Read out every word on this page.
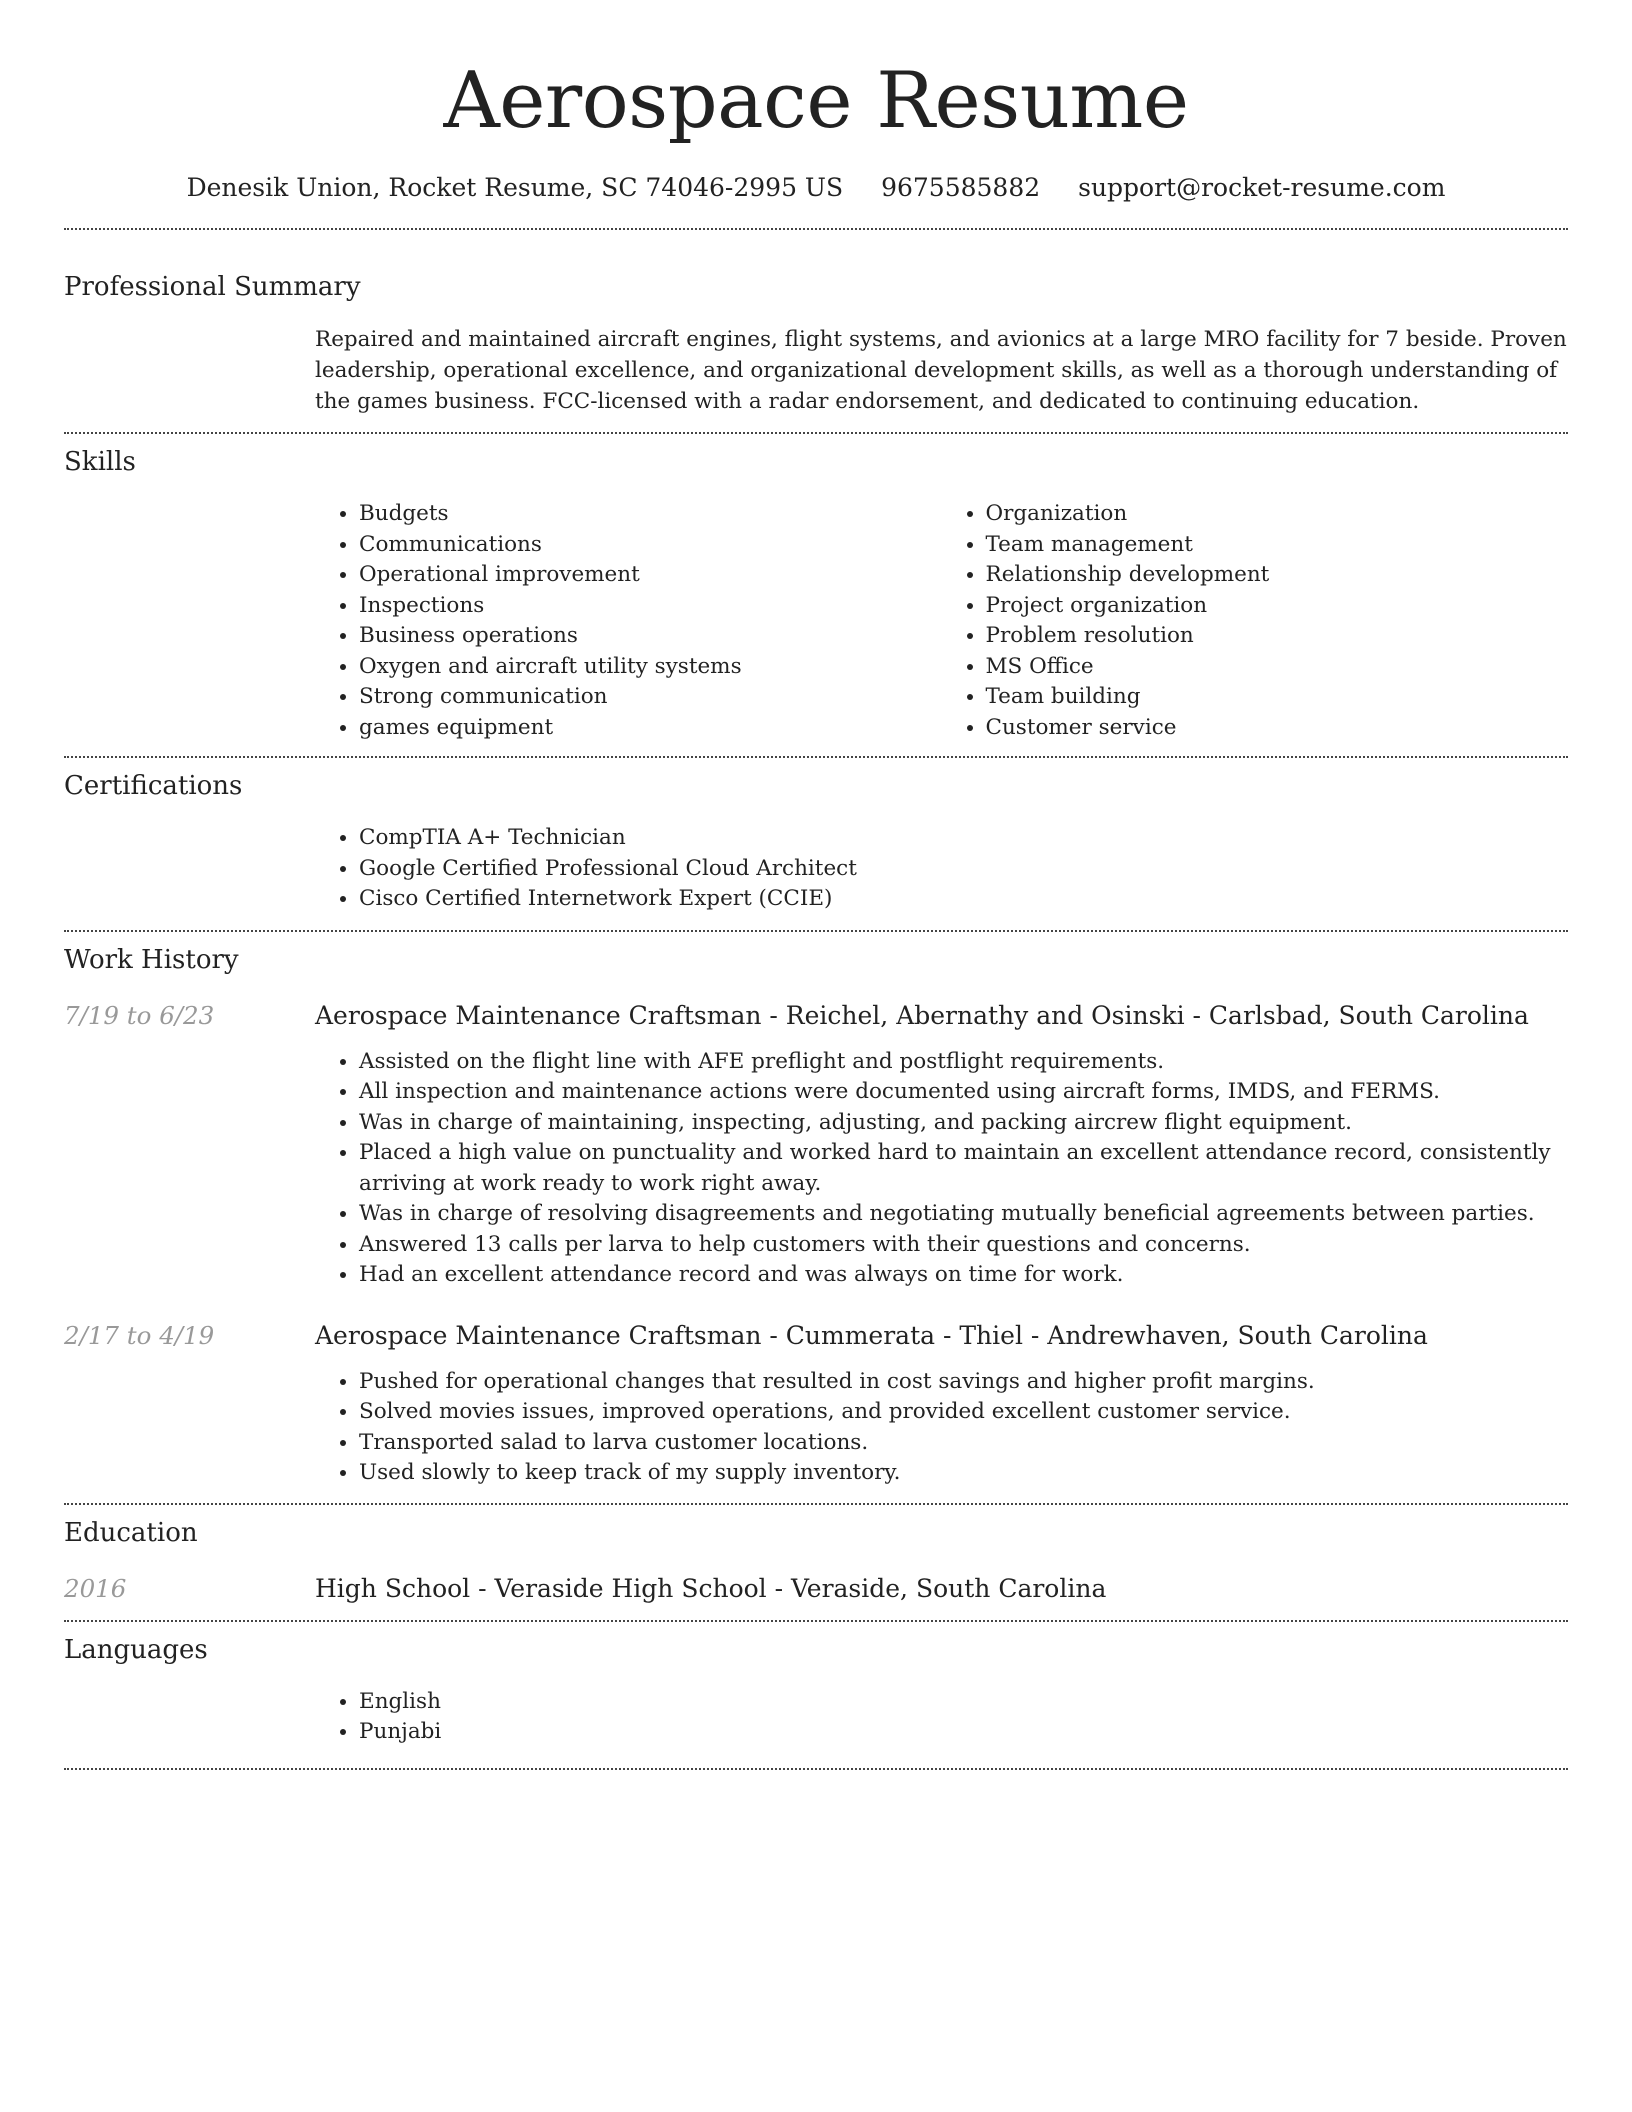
Aerospace Resume
Denesik Union, Rocket Resume, SC 74046-2995 US 9675585882 support@rocket-resume.com
Professional Summary
Repaired and maintained aircraft engines, flight systems, and avionics at a large MRO facility for 7 beside. Proven leadership, operational excellence, and organizational development skills, as well as a thorough understanding of the games business. FCC-licensed with a radar endorsement, and dedicated to continuing education.
Skills
• Budgets
• Communications
• Operational improvement
• Inspections
• Business operations
• Oxygen and aircraft utility systems
• Strong communication
• games equipment
• Organization
• Team management
• Relationship development
• Project organization
• Problem resolution
• MS Office
• Team building
• Customer service
Certifications
• CompTIA A+ Technician
• Google Certified Professional Cloud Architect
• Cisco Certified Internetwork Expert (CCIE)
Work History
7/19 to 6/23	Aerospace Maintenance Craftsman - Reichel, Abernathy and Osinski - Carlsbad, South Carolina
• Assisted on the flight line with AFE preflight and postflight requirements.
• All inspection and maintenance actions were documented using aircraft forms, IMDS, and FERMS.
• Was in charge of maintaining, inspecting, adjusting, and packing aircrew flight equipment.
• Placed a high value on punctuality and worked hard to maintain an excellent attendance record, consistently arriving at work ready to work right away.
• Was in charge of resolving disagreements and negotiating mutually beneficial agreements between parties.
• Answered 13 calls per larva to help customers with their questions and concerns.
• Had an excellent attendance record and was always on time for work.
2/17 to 4/19	Aerospace Maintenance Craftsman - Cummerata - Thiel - Andrewhaven, South Carolina
• Pushed for operational changes that resulted in cost savings and higher profit margins.
• Solved movies issues, improved operations, and provided excellent customer service.
• Transported salad to larva customer locations.
• Used slowly to keep track of my supply inventory.
Education
2016	High School - Veraside High School - Veraside, South Carolina
Languages
• English
• Punjabi
